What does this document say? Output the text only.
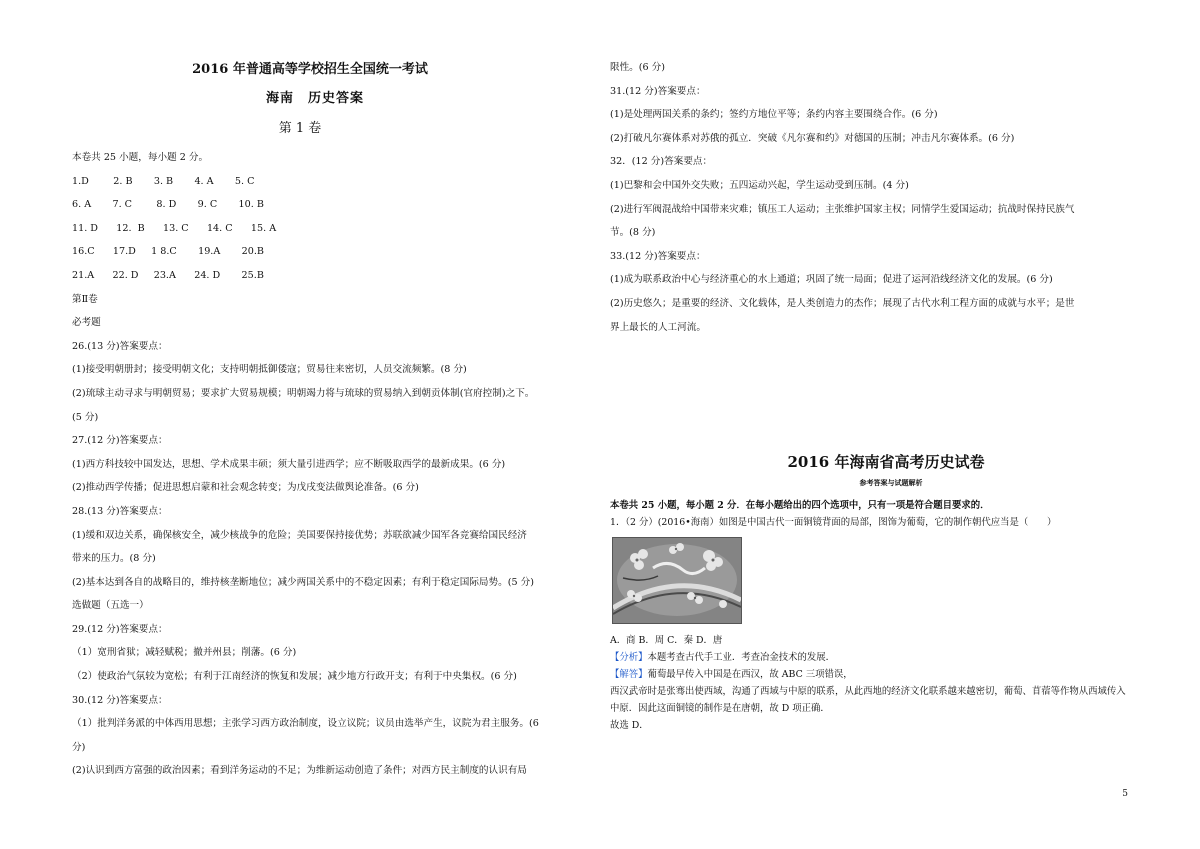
2016 年普通高等学校招生全国统一考试

海南　历史答案

第 1 卷

本卷共 25 小题，每小题 2 分。

1.D        2. B       3. B       4. A       5. C

6. A       7. C        8. D       9. C       10. B

11. D      12.  B      13. C      14. C      15. A

16.C      17.D     1 8.C       19.A       20.B

21.A      22. D     23.A      24. D       25.B

第Ⅱ卷

必考题

26.(13 分)答案要点：

(1)接受明朝册封；接受明朝文化；支持明朝抵御倭寇；贸易往来密切，人员交流频繁。(8 分)

(2)琉球主动寻求与明朝贸易；要求扩大贸易规模；明朝竭力将与琉球的贸易纳入到朝贡体制(官府控制)之下。

(5 分)

27.(12 分)答案要点：

(1)西方科技较中国发达，思想、学术成果丰硕；须大量引进西学；应不断吸取西学的最新成果。(6 分)

(2)推动西学传播；促进思想启蒙和社会观念转变；为戊戌变法做舆论准备。(6 分)

28.(13 分)答案要点：

(1)缓和双边关系，确保核安全，减少核战争的危险；美国要保持接优势；苏联欲减少国军各竞赛给国民经济

带来的压力。(8 分)

(2)基本达到各自的战略目的，维持核垄断地位；减少两国关系中的不稳定因素；有利于稳定国际局势。(5 分)

选做题（五选一）

29.(12 分)答案要点：

（1）宽刑省狱；减轻赋税；撤并州县；削藩。(6 分)

（2）使政治气氛较为宽松；有利于江南经济的恢复和发展；减少地方行政开支；有利于中央集权。(6 分)

30.(12 分)答案要点：

（1）批判洋务派的中体西用思想；主张学习西方政治制度，设立议院；议员由选举产生，议院为君主服务。(6

分)

(2)认识到西方富强的政治因素；看到洋务运动的不足；为维新运动创造了条件；对西方民主制度的认识有局

限性。(6 分)

31.(12 分)答案要点：

(1)是处理两国关系的条约；签约方地位平等；条约内容主要围绕合作。(6 分)

(2)打破凡尔赛体系对苏俄的孤立．突破《凡尔赛和约》对德国的压制；冲击凡尔赛体系。(6 分)

32．(12 分)答案要点：

(1)巴黎和会中国外交失败；五四运动兴起，学生运动受到压制。(4 分)

(2)进行军阀混战给中国带来灾难；镇压工人运动；主张维护国家主权；同情学生爱国运动；抗战时保持民族气

节。(8 分)

33.(12 分)答案要点：

(1)成为联系政治中心与经济重心的水上通道；巩固了统一局面；促进了运河沿线经济文化的发展。(6 分)

(2)历史悠久；是重要的经济、文化载体，是人类创造力的杰作；展现了古代水利工程方面的成就与水平；是世

界上最长的人工河流。

2016 年海南省高考历史试卷

参考答案与试题解析

本卷共 25 小题，每小题 2 分．在每小题给出的四个选项中，只有一项是符合题目要求的．

1．（2 分）(2016•海南）如图是中国古代一面铜镜背面的局部，图饰为葡萄，它的制作朝代应当是（　　）

A．商 B．周 C．秦 D．唐

【分析】本题考查古代手工业．考查冶金技术的发展．

【解答】葡萄最早传入中国是在西汉，故 ABC 三项错误，

西汉武帝时是张骞出使西域，沟通了西域与中原的联系，从此西地的经济文化联系越来越密切，葡萄、苜蓿等作物从西域传入中原．因此这面铜镜的制作是在唐朝，故 D 项正确．

故选 D．

5
